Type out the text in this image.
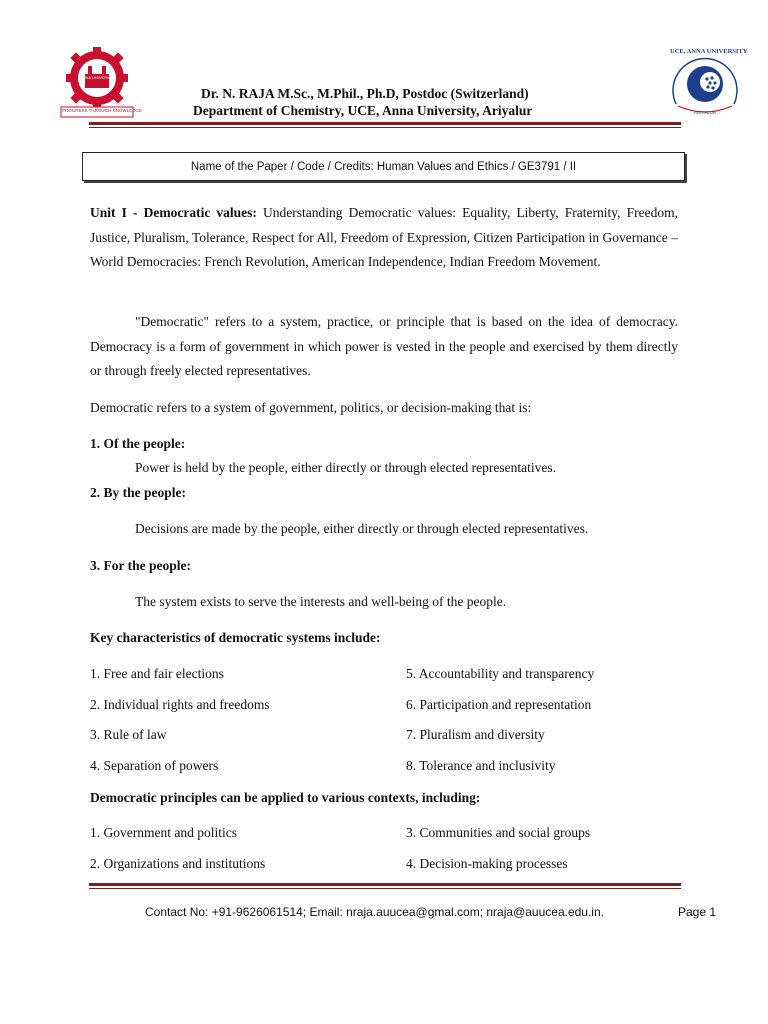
PROGRESS THROUGH KNOWLEDGE
ANNA UNIVERSITY
UCE, ANNA UNIVERSITY
ARIYALUR
Dr. N. RAJA M.Sc., M.Phil., Ph.D, Postdoc (Switzerland)
Department of Chemistry, UCE, Anna University, Ariyalur
Name of the Paper / Code / Credits: Human Values and Ethics / GE3791 / II
Unit I - Democratic values: Understanding Democratic values: Equality, Liberty, Fraternity, Freedom, Justice, Pluralism, Tolerance, Respect for All, Freedom of Expression, Citizen Participation in Governance – World Democracies: French Revolution, American Independence, Indian Freedom Movement.
"Democratic" refers to a system, practice, or principle that is based on the idea of democracy. Democracy is a form of government in which power is vested in the people and exercised by them directly or through freely elected representatives.
Democratic refers to a system of government, politics, or decision-making that is:
1. Of the people:
Power is held by the people, either directly or through elected representatives.
2. By the people:
Decisions are made by the people, either directly or through elected representatives.
3. For the people:
The system exists to serve the interests and well-being of the people.
Key characteristics of democratic systems include:
1. Free and fair elections	5. Accountability and transparency
2. Individual rights and freedoms	6. Participation and representation
3. Rule of law	7. Pluralism and diversity
4. Separation of powers	8. Tolerance and inclusivity
Democratic principles can be applied to various contexts, including:
1. Government and politics	3. Communities and social groups
2. Organizations and institutions	4. Decision-making processes
Contact No: +91-9626061514; Email: nraja.auucea@gmal.com; nraja@auucea.edu.in.	Page 1
